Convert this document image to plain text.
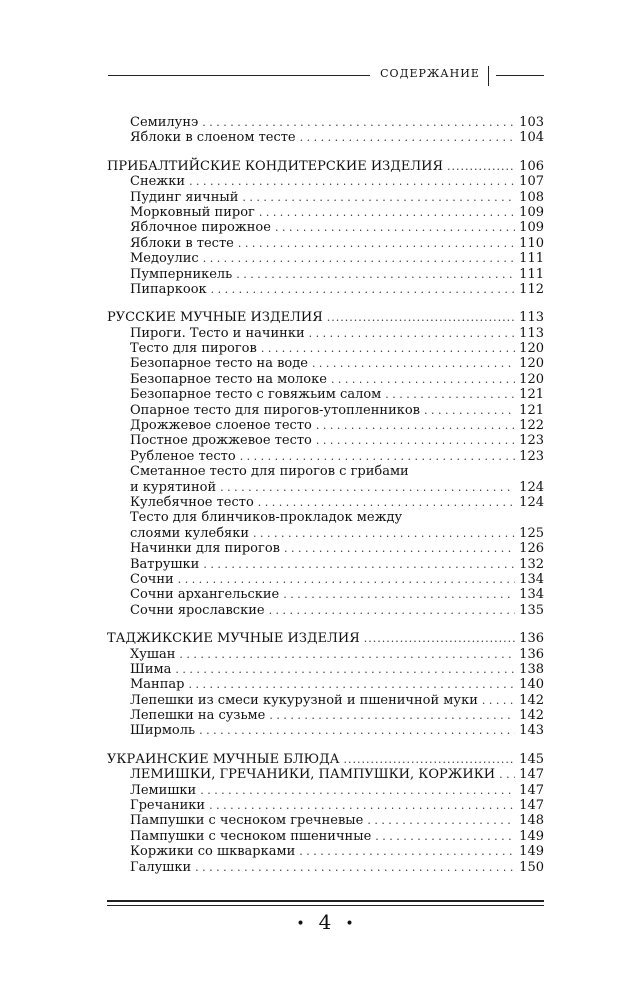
СОДЕРЖАНИЕ
Семилунэ . . .	103
Яблоки в слоеном тесте . . .	104
ПРИБАЛТИЙСКИЕ КОНДИТЕРСКИЕ ИЗДЕЛИЯ .....	106
Снежки . . .	107
Пудинг яичный . . .	108
Морковный пирог . . .	109
Яблочное пирожное . . .	109
Яблоки в тесте . . .	110
Медоулис . . .	111
Пумперникель . . .	111
Пипаркоок . . .	112
РУССКИЕ МУЧНЫЕ ИЗДЕЛИЯ .....	113
Пироги. Тесто и начинки . . .	113
Тесто для пирогов . . .	120
Безопарное тесто на воде . . .	120
Безопарное тесто на молоке . . .	120
Безопарное тесто с говяжьим салом . . .	121
Опарное тесто для пирогов-утопленников . . .	121
Дрожжевое слоеное тесто . . .	122
Постное дрожжевое тесто . . .	123
Рубленое тесто . . .	123
Сметанное тесто для пирогов с грибами
и курятиной . . .	124
Кулебячное тесто . . .	124
Тесто для блинчиков-прокладок между
слоями кулебяки . . .	125
Начинки для пирогов . . .	126
Ватрушки . . .	132
Сочни . . .	134
Сочни архангельские . . .	134
Сочни ярославские . . .	135
ТАДЖИКСКИЕ МУЧНЫЕ ИЗДЕЛИЯ .....	136
Хушан . . .	136
Шима . . .	138
Манпар . . .	140
Лепешки из смеси кукурузной и пшеничной муки . . .	142
Лепешки на сузьме . . .	142
Ширмоль . . .	143
УКРАИНСКИЕ МУЧНЫЕ БЛЮДА .....	145
ЛЕМИШКИ, ГРЕЧАНИКИ, ПАМПУШКИ, КОРЖИКИ . . . 147
Лемишки . . .	147
Гречаники . . .	147
Пампушки с чесноком гречневые . . .	148
Пампушки с чесноком пшеничные . . .	149
Коржики со шкварками . . .	149
Галушки . . .	150
• 4 •
